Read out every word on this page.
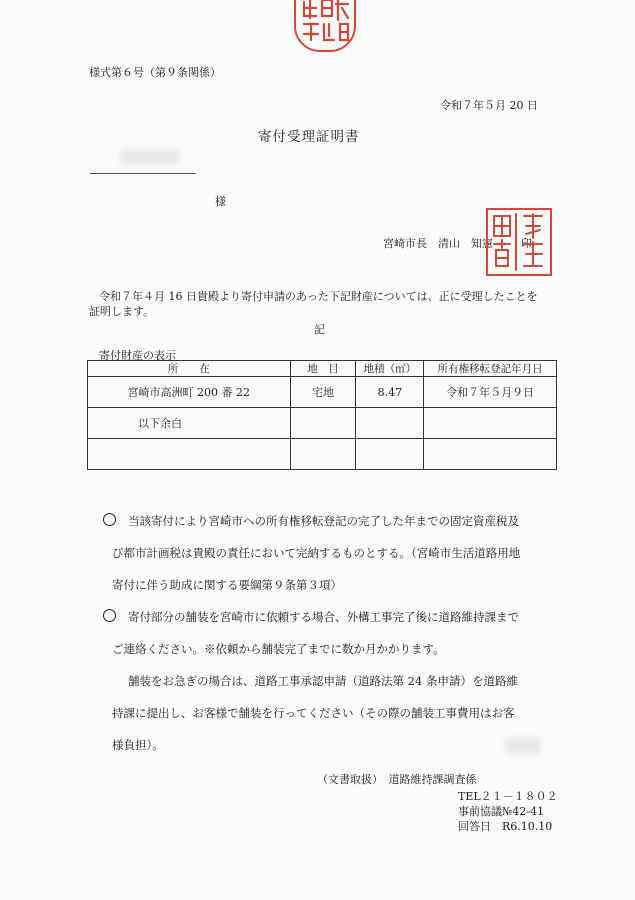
様式第６号（第９条関係）
令和７年５月 20 日
寄付受理証明書
様
宮崎市長　清山　知憲	印
令和７年４月 16 日貴殿より寄付申請のあった下記財産については、正に受理したことを
証明します。
記
寄付財産の表示
所　　在	地　目	地積（㎡）	所有権移転登記年月日
宮崎市高洲町 200 番 22	宅地	8.47	令和７年５月９日
以下余白			

当該寄付により宮崎市への所有権移転登記の完了した年までの固定資産税及
び都市計画税は貴殿の責任において完納するものとする。（宮崎市生活道路用地
寄付に伴う助成に関する要綱第９条第３項）
寄付部分の舗装を宮崎市に依頼する場合、外構工事完了後に道路維持課まで
ご連絡ください。※依頼から舗装完了までに数か月かかります。
舗装をお急ぎの場合は、道路工事承認申請（道路法第 24 条申請）を道路維
持課に提出し、お客様で舗装を行ってください（その際の舗装工事費用はお客
様負担）。
（文書取扱）　道路維持課調査係
TEL２１－１８０２
事前協議№42-41
回答日　R6.10.10
